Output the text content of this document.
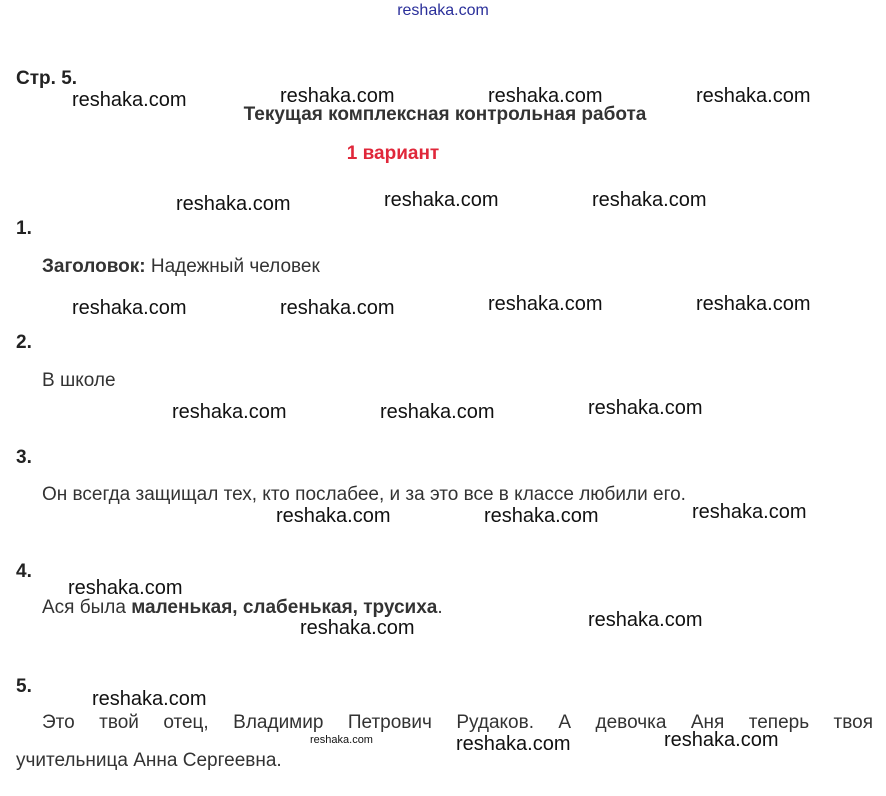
reshaka.com
Стр. 5.
Текущая комплексная контрольная работа
1 вариант
1.
Заголовок: Надежный человек
2.
В школе
3.
Он всегда защищал тех, кто послабее, и за это все в классе любили его.
4.
Ася была маленькая, слабенькая, трусиха.
5.
Это твой отец, Владимир Петрович Рудаков. А девочка Аня теперь твоя
учительница Анна Сергеевна.
reshaka.com	reshaka.com	reshaka.com	reshaka.com
reshaka.com	reshaka.com	reshaka.com
reshaka.com	reshaka.com	reshaka.com	reshaka.com
reshaka.com	reshaka.com	reshaka.com
reshaka.com	reshaka.com	reshaka.com
reshaka.com
reshaka.com	reshaka.com
reshaka.com
reshaka.com	reshaka.com	reshaka.com
